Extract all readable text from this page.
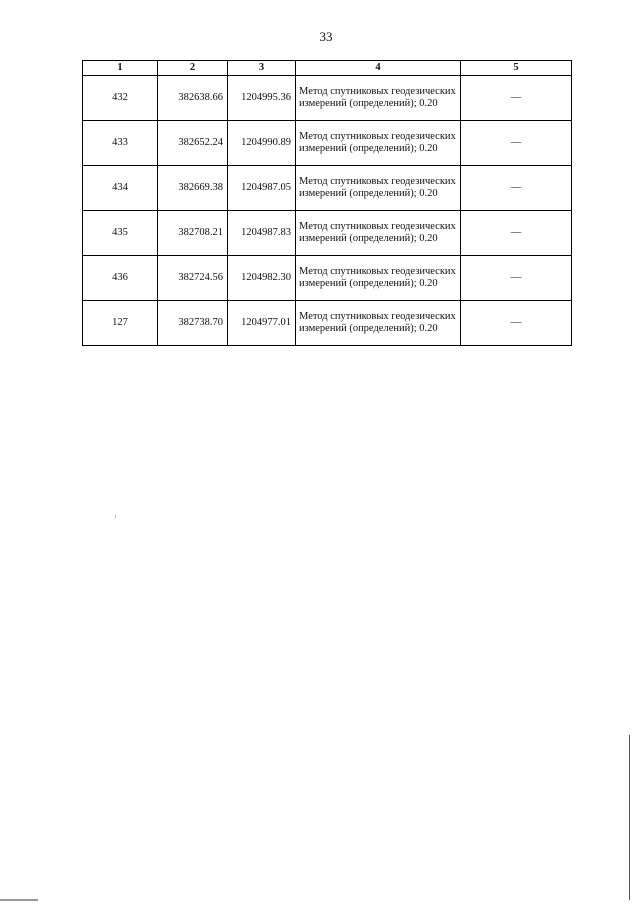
33
1	2	3	4	5
432	382638.66	1204995.36	Метод спутниковых геодезических измерений (определений); 0.20	—
433	382652.24	1204990.89	Метод спутниковых геодезических измерений (определений); 0.20	—
434	382669.38	1204987.05	Метод спутниковых геодезических измерений (определений); 0.20	—
435	382708.21	1204987.83	Метод спутниковых геодезических измерений (определений); 0.20	—
436	382724.56	1204982.30	Метод спутниковых геодезических измерений (определений); 0.20	—
127	382738.70	1204977.01	Метод спутниковых геодезических измерений (определений); 0.20	—
